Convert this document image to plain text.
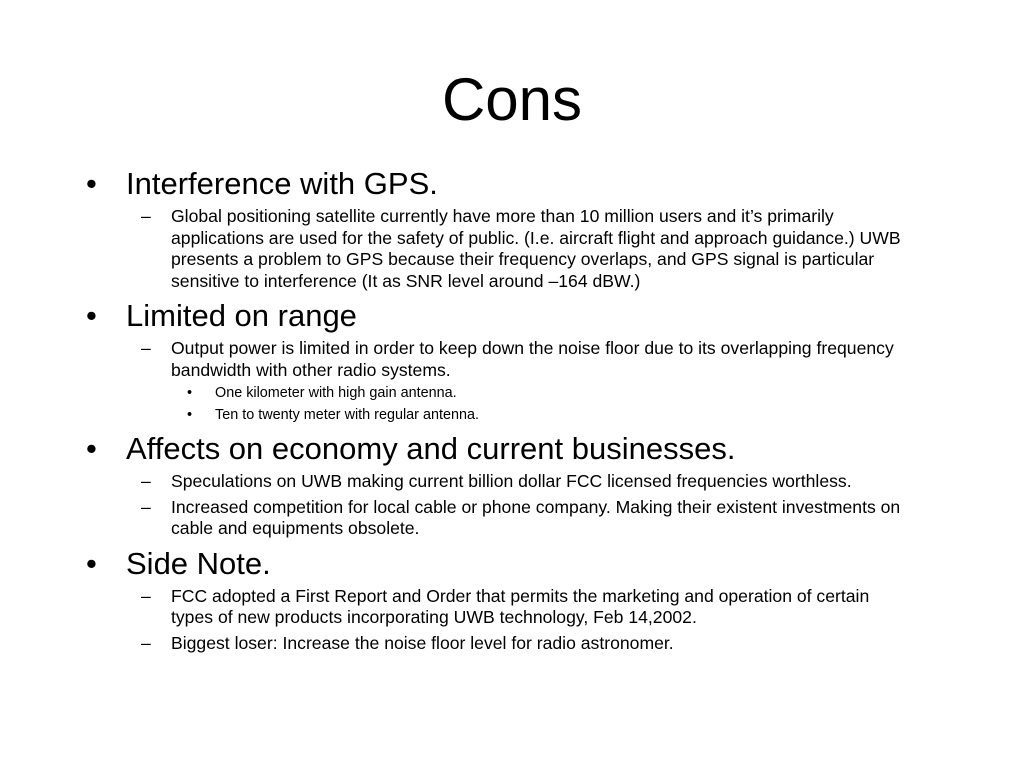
Cons
• Interference with GPS.
– Global positioning satellite currently have more than 10 million users and it’s primarily applications are used for the safety of public. (I.e. aircraft flight and approach guidance.) UWB presents a problem to GPS because their frequency overlaps, and GPS signal is particular sensitive to interference (It as SNR level around –164 dBW.)
• Limited on range
– Output power is limited in order to keep down the noise floor due to its overlapping frequency bandwidth with other radio systems.
• One kilometer with high gain antenna.
• Ten to twenty meter with regular antenna.
• Affects on economy and current businesses.
– Speculations on UWB making current billion dollar FCC licensed frequencies worthless.
– Increased competition for local cable or phone company. Making their existent investments on cable and equipments obsolete.
• Side Note.
– FCC adopted a First Report and Order that permits the marketing and operation of certain types of new products incorporating UWB technology, Feb 14,2002.
– Biggest loser: Increase the noise floor level for radio astronomer.
